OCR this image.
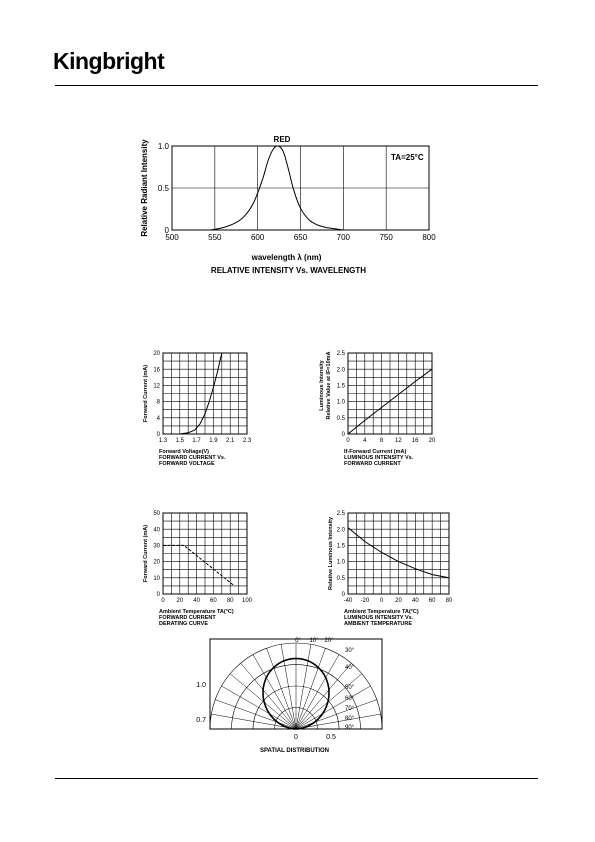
Kingbright
500	550	600	650	700	750	800
0
0.5
1.0
wavelength λ (nm)
Relative Radiant Intensity
RELATIVE INTENSITY Vs. WAVELENGTH
RED
TA=25°C
1.3 1.5 1.7 1.9 2.1 2.3
0
4
8
12
16
20
Forward Voltage(V)
FORWARD CURRENT Vs.
FORWARD VOLTAGE
Forward Current (mA)
0 4 8 12 16 20
0
0.5
1.0
1.5
2.0
2.5
If-Forward Current (mA)
LUMINOUS INTENSITY Vs.
FORWARD CURRENT
Luminous Intensity Relative Value at IF=10mA
0 20 40 60 80 100
0
10
20
30
40
50
Ambient Temperature TA(°C)
FORWARD CURRENT
DERATING CURVE
Forward Current (mA)
-40 -20 0 20 40 60 80
0
0.5
1.0
1.5
2.0
2.5
Ambient Temperature TA(°C)
LUMINOUS INTENSITY Vs.
AMBIENT TEMPERATURE
Relative Luminous Intensity
0° 10° 20°
30°
40°
50°
60°
70°
80°
90°
1.0
0.7
0	0.5
SPATIAL DISTRIBUTION
